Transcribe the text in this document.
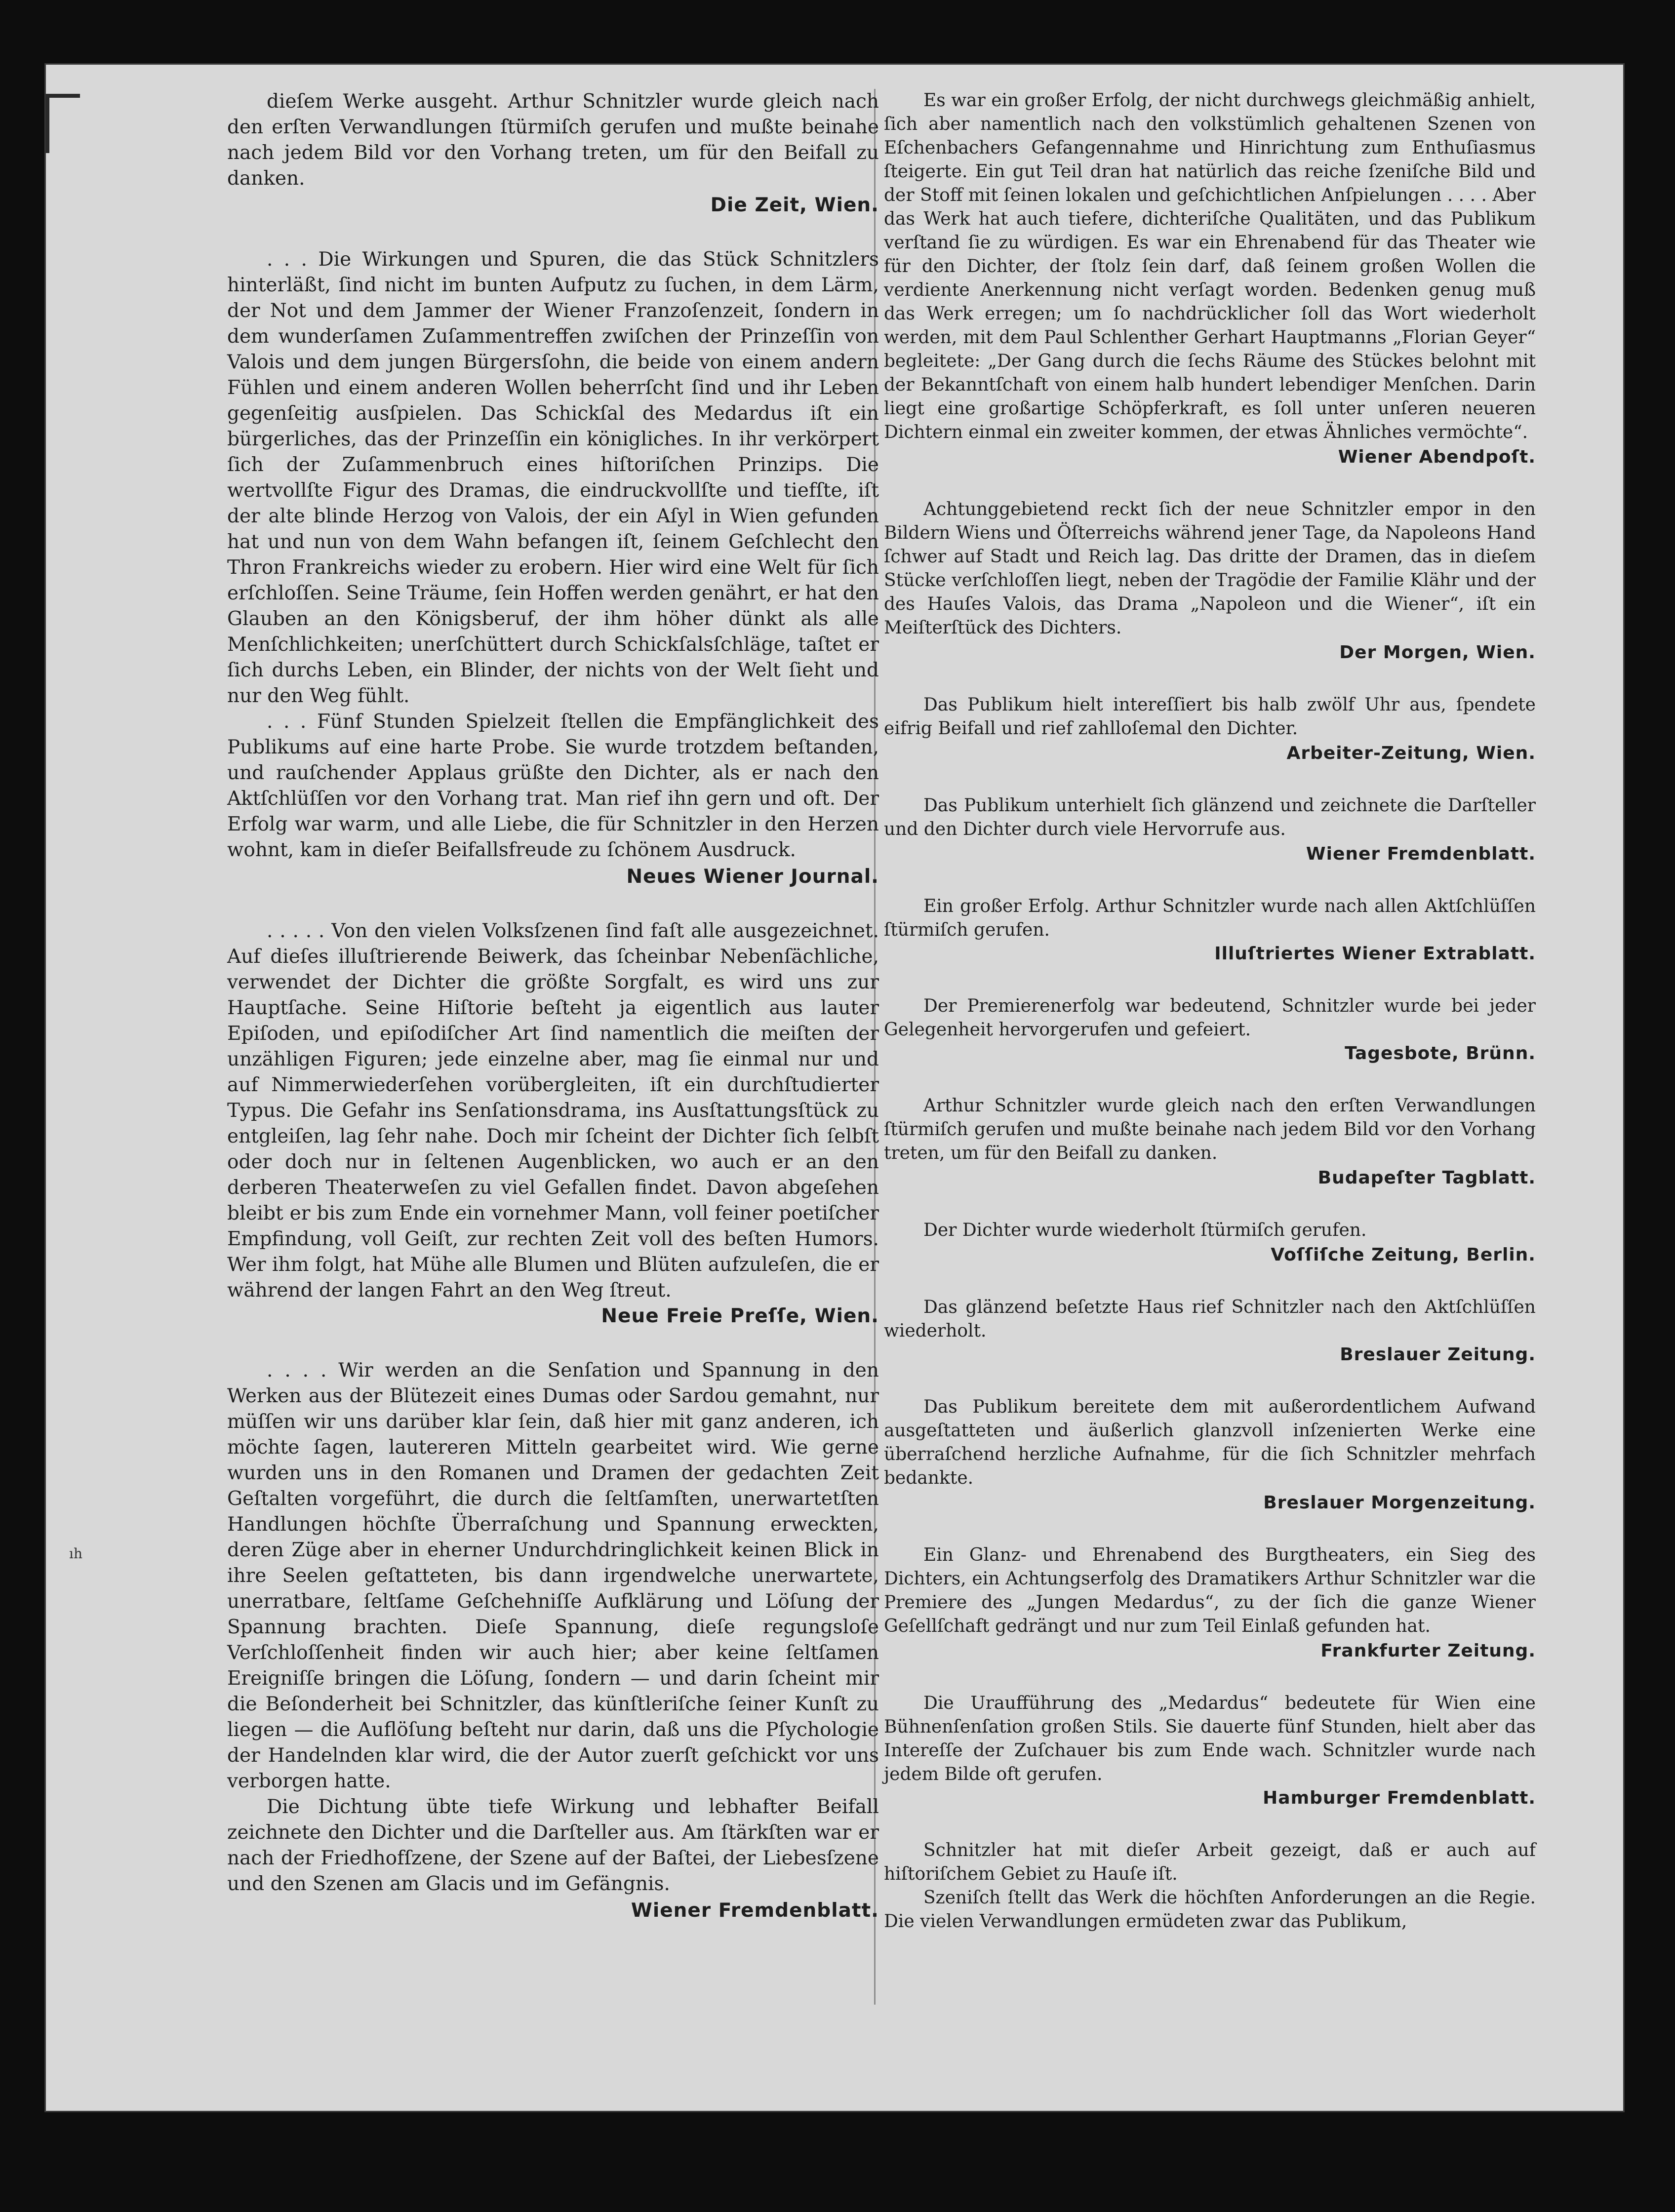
ıh

dieſem Werke ausgeht. Arthur Schnitzler wurde gleich nach den erſten Verwandlungen ſtürmiſch gerufen und mußte beinahe nach jedem Bild vor den Vorhang treten, um für den Beifall zu danken.

Die Zeit, Wien.

. . . Die Wirkungen und Spuren, die das Stück Schnitzlers hinterläßt, ſind nicht im bunten Aufputz zu ſuchen, in dem Lärm, der Not und dem Jammer der Wiener Franzoſenzeit, ſondern in dem wunderſamen Zuſammentreffen zwiſchen der Prinzeſſin von Valois und dem jungen Bürgersſohn, die beide von einem andern Fühlen und einem anderen Wollen beherrſcht ſind und ihr Leben gegenſeitig ausſpielen. Das Schickſal des Medardus iſt ein bürgerliches, das der Prinzeſſin ein königliches. In ihr verkörpert ſich der Zuſammenbruch eines hiſtoriſchen Prinzips. Die wertvollſte Figur des Dramas, die eindruckvollſte und tiefſte, iſt der alte blinde Herzog von Valois, der ein Aſyl in Wien gefunden hat und nun von dem Wahn befangen iſt, ſeinem Geſchlecht den Thron Frankreichs wieder zu erobern. Hier wird eine Welt für ſich erſchloſſen. Seine Träume, ſein Hoffen werden genährt, er hat den Glauben an den Königsberuf, der ihm höher dünkt als alle Menſchlichkeiten; unerſchüttert durch Schickſalsſchläge, taſtet er ſich durchs Leben, ein Blinder, der nichts von der Welt ſieht und nur den Weg fühlt.

. . . Fünf Stunden Spielzeit ſtellen die Empfänglichkeit des Publikums auf eine harte Probe. Sie wurde trotzdem beſtanden, und rauſchender Applaus grüßte den Dichter, als er nach den Aktſchlüſſen vor den Vorhang trat. Man rief ihn gern und oft. Der Erfolg war warm, und alle Liebe, die für Schnitzler in den Herzen wohnt, kam in dieſer Beifallsfreude zu ſchönem Ausdruck.

Neues Wiener Journal.

. . . . . Von den vielen Volksſzenen ſind faſt alle ausgezeichnet. Auf dieſes illuſtrierende Beiwerk, das ſcheinbar Nebenſächliche, verwendet der Dichter die größte Sorgfalt, es wird uns zur Hauptſache. Seine Hiſtorie beſteht ja eigentlich aus lauter Epiſoden, und epiſodiſcher Art ſind namentlich die meiſten der unzähligen Figuren; jede einzelne aber, mag ſie einmal nur und auf Nimmerwiederſehen vorübergleiten, iſt ein durchſtudierter Typus. Die Gefahr ins Senſationsdrama, ins Ausſtattungsſtück zu entgleiſen, lag ſehr nahe. Doch mir ſcheint der Dichter ſich ſelbſt oder doch nur in ſeltenen Augenblicken, wo auch er an den derberen Theaterweſen zu viel Gefallen findet. Davon abgeſehen bleibt er bis zum Ende ein vornehmer Mann, voll feiner poetiſcher Empfindung, voll Geiſt, zur rechten Zeit voll des beſten Humors. Wer ihm folgt, hat Mühe alle Blumen und Blüten aufzuleſen, die er während der langen Fahrt an den Weg ſtreut.

Neue Freie Preſſe, Wien.

. . . . Wir werden an die Senſation und Spannung in den Werken aus der Blütezeit eines Dumas oder Sardou gemahnt, nur müſſen wir uns darüber klar ſein, daß hier mit ganz anderen, ich möchte ſagen, lautereren Mitteln gearbeitet wird. Wie gerne wurden uns in den Romanen und Dramen der gedachten Zeit Geſtalten vorgeführt, die durch die ſeltſamſten, unerwartetſten Handlungen höchſte Überraſchung und Spannung erweckten, deren Züge aber in eherner Undurchdringlichkeit keinen Blick in ihre Seelen geſtatteten, bis dann irgendwelche unerwartete, unerratbare, ſeltſame Geſchehniſſe Aufklärung und Löſung der Spannung brachten. Dieſe Spannung, dieſe regungsloſe Verſchloſſenheit finden wir auch hier; aber keine ſeltſamen Ereigniſſe bringen die Löſung, ſondern — und darin ſcheint mir die Beſonderheit bei Schnitzler, das künſtleriſche ſeiner Kunſt zu liegen — die Auflöſung beſteht nur darin, daß uns die Pſychologie der Handelnden klar wird, die der Autor zuerſt geſchickt vor uns verborgen hatte.

Die Dichtung übte tiefe Wirkung und lebhafter Beifall zeichnete den Dichter und die Darſteller aus. Am ſtärkſten war er nach der Friedhofſzene, der Szene auf der Baſtei, der Liebesſzene und den Szenen am Glacis und im Gefängnis.

Wiener Fremdenblatt.

Es war ein großer Erfolg, der nicht durchwegs gleichmäßig anhielt, ſich aber namentlich nach den volkstümlich gehaltenen Szenen von Eſchenbachers Gefangennahme und Hinrichtung zum Enthuſiasmus ſteigerte. Ein gut Teil dran hat natürlich das reiche ſzeniſche Bild und der Stoff mit ſeinen lokalen und geſchichtlichen Anſpielungen . . . . Aber das Werk hat auch tiefere, dichteriſche Qualitäten, und das Publikum verſtand ſie zu würdigen. Es war ein Ehrenabend für das Theater wie für den Dichter, der ſtolz ſein darf, daß ſeinem großen Wollen die verdiente Anerkennung nicht verſagt worden. Bedenken genug muß das Werk erregen; um ſo nachdrücklicher ſoll das Wort wiederholt werden, mit dem Paul Schlenther Gerhart Hauptmanns „Florian Geyer“ begleitete: „Der Gang durch die ſechs Räume des Stückes belohnt mit der Bekanntſchaft von einem halb hundert lebendiger Menſchen. Darin liegt eine großartige Schöpferkraft, es ſoll unter unſeren neueren Dichtern einmal ein zweiter kommen, der etwas Ähnliches vermöchte“.

Wiener Abendpoſt.

Achtunggebietend reckt ſich der neue Schnitzler empor in den Bildern Wiens und Öſterreichs während jener Tage, da Napoleons Hand ſchwer auf Stadt und Reich lag. Das dritte der Dramen, das in dieſem Stücke verſchloſſen liegt, neben der Tragödie der Familie Klähr und der des Hauſes Valois, das Drama „Napoleon und die Wiener“, iſt ein Meiſterſtück des Dichters.

Der Morgen, Wien.

Das Publikum hielt intereſſiert bis halb zwölf Uhr aus, ſpendete eifrig Beifall und rief zahlloſemal den Dichter.

Arbeiter-Zeitung, Wien.

Das Publikum unterhielt ſich glänzend und zeichnete die Darſteller und den Dichter durch viele Hervorrufe aus.

Wiener Fremdenblatt.

Ein großer Erfolg. Arthur Schnitzler wurde nach allen Aktſchlüſſen ſtürmiſch gerufen.

Illuſtriertes Wiener Extrablatt.

Der Premierenerfolg war bedeutend, Schnitzler wurde bei jeder Gelegenheit hervorgerufen und gefeiert.

Tagesbote, Brünn.

Arthur Schnitzler wurde gleich nach den erſten Verwandlungen ſtürmiſch gerufen und mußte beinahe nach jedem Bild vor den Vorhang treten, um für den Beifall zu danken.

Budapeſter Tagblatt.

Der Dichter wurde wiederholt ſtürmiſch gerufen.

Voſſiſche Zeitung, Berlin.

Das glänzend beſetzte Haus rief Schnitzler nach den Aktſchlüſſen wiederholt.

Breslauer Zeitung.

Das Publikum bereitete dem mit außerordentlichem Aufwand ausgeſtatteten und äußerlich glanzvoll inſzenierten Werke eine überraſchend herzliche Aufnahme, für die ſich Schnitzler mehrfach bedankte.

Breslauer Morgenzeitung.

Ein Glanz- und Ehrenabend des Burgtheaters, ein Sieg des Dichters, ein Achtungserfolg des Dramatikers Arthur Schnitzler war die Premiere des „Jungen Medardus“, zu der ſich die ganze Wiener Geſellſchaft gedrängt und nur zum Teil Einlaß gefunden hat.

Frankfurter Zeitung.

Die Uraufführung des „Medardus“ bedeutete für Wien eine Bühnenſenſation großen Stils. Sie dauerte fünf Stunden, hielt aber das Intereſſe der Zuſchauer bis zum Ende wach. Schnitzler wurde nach jedem Bilde oft gerufen.

Hamburger Fremdenblatt.

Schnitzler hat mit dieſer Arbeit gezeigt, daß er auch auf hiſtoriſchem Gebiet zu Hauſe iſt.

Szeniſch ſtellt das Werk die höchſten Anforderungen an die Regie. Die vielen Verwandlungen ermüdeten zwar das Publikum,
